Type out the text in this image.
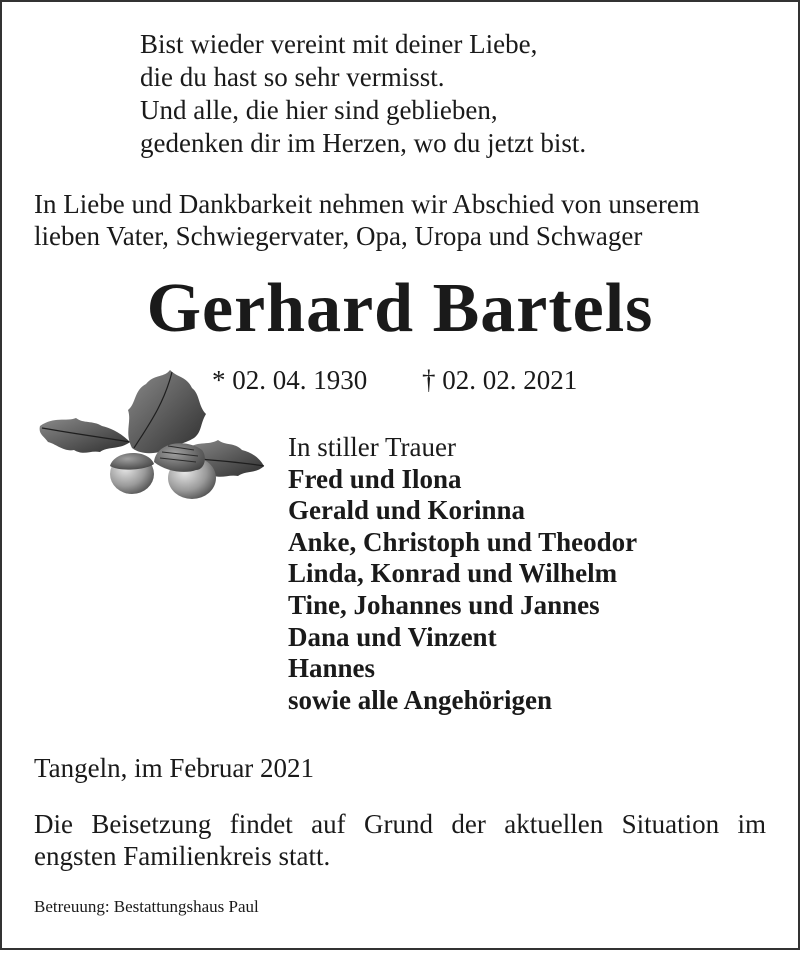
Bist wieder vereint mit deiner Liebe,
die du hast so sehr vermisst.
Und alle, die hier sind geblieben,
gedenken dir im Herzen, wo du jetzt bist.
In Liebe und Dankbarkeit nehmen wir Abschied von unserem
lieben Vater, Schwiegervater, Opa, Uropa und Schwager
Gerhard Bartels
* 02. 04. 1930 † 02. 02. 2021
In stiller Trauer
Fred und Ilona
Gerald und Korinna
Anke, Christoph und Theodor
Linda, Konrad und Wilhelm
Tine, Johannes und Jannes
Dana und Vinzent
Hannes
sowie alle Angehörigen
Tangeln, im Februar 2021
Die Beisetzung findet auf Grund der aktuellen Situation im
engsten Familienkreis statt.
Betreuung: Bestattungshaus Paul
